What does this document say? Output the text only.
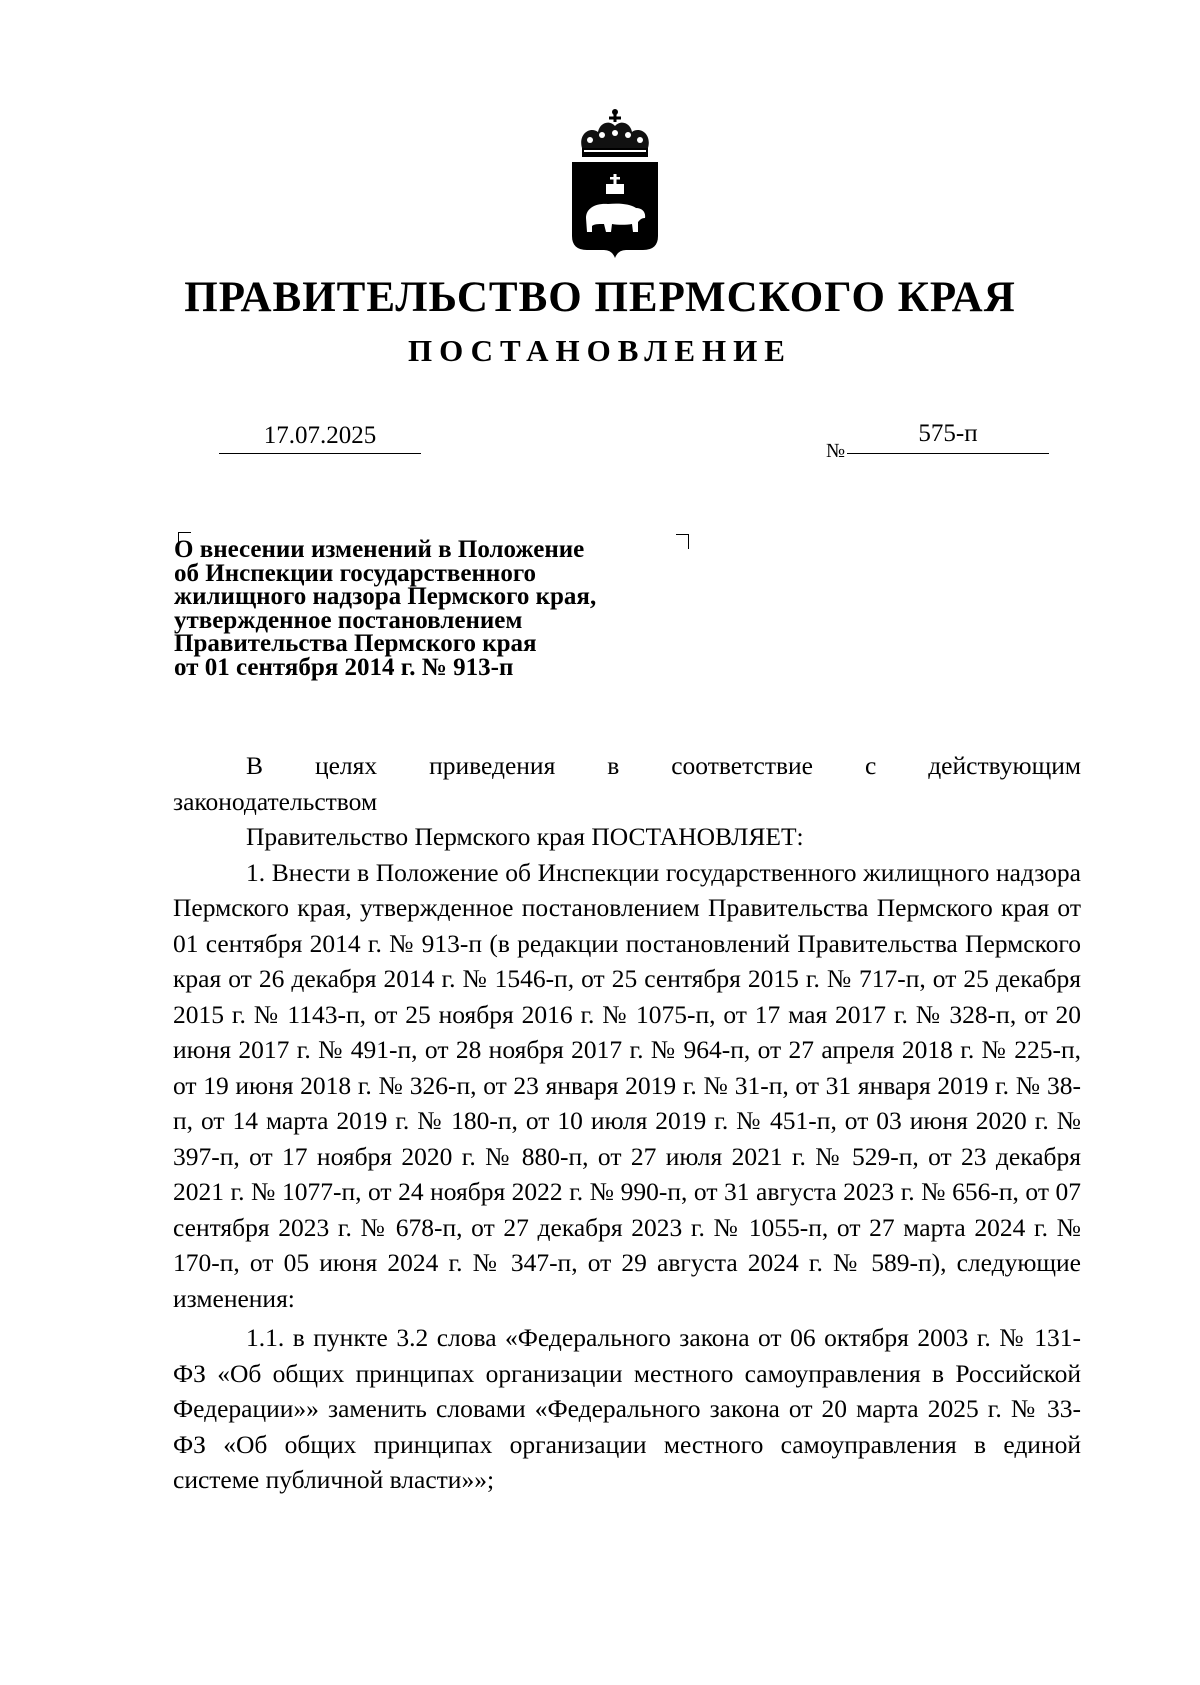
ПРАВИТЕЛЬСТВО ПЕРМСКОГО КРАЯ
ПОСТАНОВЛЕНИЕ
17.07.2025
№
575-п
О внесении изменений в Положение
об Инспекции государственного
жилищного надзора Пермского края,
утвержденное постановлением
Правительства Пермского края
от 01 сентября 2014 г. № 913-п

В целях приведения в соответствие с действующим

законодательством

Правительство Пермского края ПОСТАНОВЛЯЕТ:

1. Внести в Положение об Инспекции государственного жилищного надзора Пермского края, утвержденное постановлением Правительства Пермского края от 01 сентября 2014 г. № 913-п (в редакции постановлений Правительства Пермского края от 26 декабря 2014 г. № 1546-п, от 25 сентября 2015 г. № 717-п, от 25 декабря 2015 г. № 1143-п, от 25 ноября 2016 г. № 1075-п, от 17 мая 2017 г. № 328-п, от 20 июня 2017 г. № 491-п, от 28 ноября 2017 г. № 964-п, от 27 апреля 2018 г. № 225-п, от 19 июня 2018 г. № 326-п, от 23 января 2019 г. № 31-п, от 31 января 2019 г. № 38-п, от 14 марта 2019 г. № 180-п, от 10 июля 2019 г. № 451-п, от 03 июня 2020 г. № 397-п, от 17 ноября 2020 г. № 880-п, от 27 июля 2021 г. № 529-п, от 23 декабря 2021 г. № 1077-п, от 24 ноября 2022 г. № 990-п, от 31 августа 2023 г. № 656-п, от 07 сентября 2023 г. № 678-п, от 27 декабря 2023 г. № 1055-п, от 27 марта 2024 г. № 170-п, от 05 июня 2024 г. № 347-п, от 29 августа 2024 г. № 589-п), следующие изменения:

1.1. в пункте 3.2 слова «Федерального закона от 06 октября 2003 г. № 131-ФЗ «Об общих принципах организации местного самоуправления в Российской Федерации»» заменить словами «Федерального закона от 20 марта 2025 г. № 33-ФЗ «Об общих принципах организации местного самоуправления в единой системе публичной власти»»;
